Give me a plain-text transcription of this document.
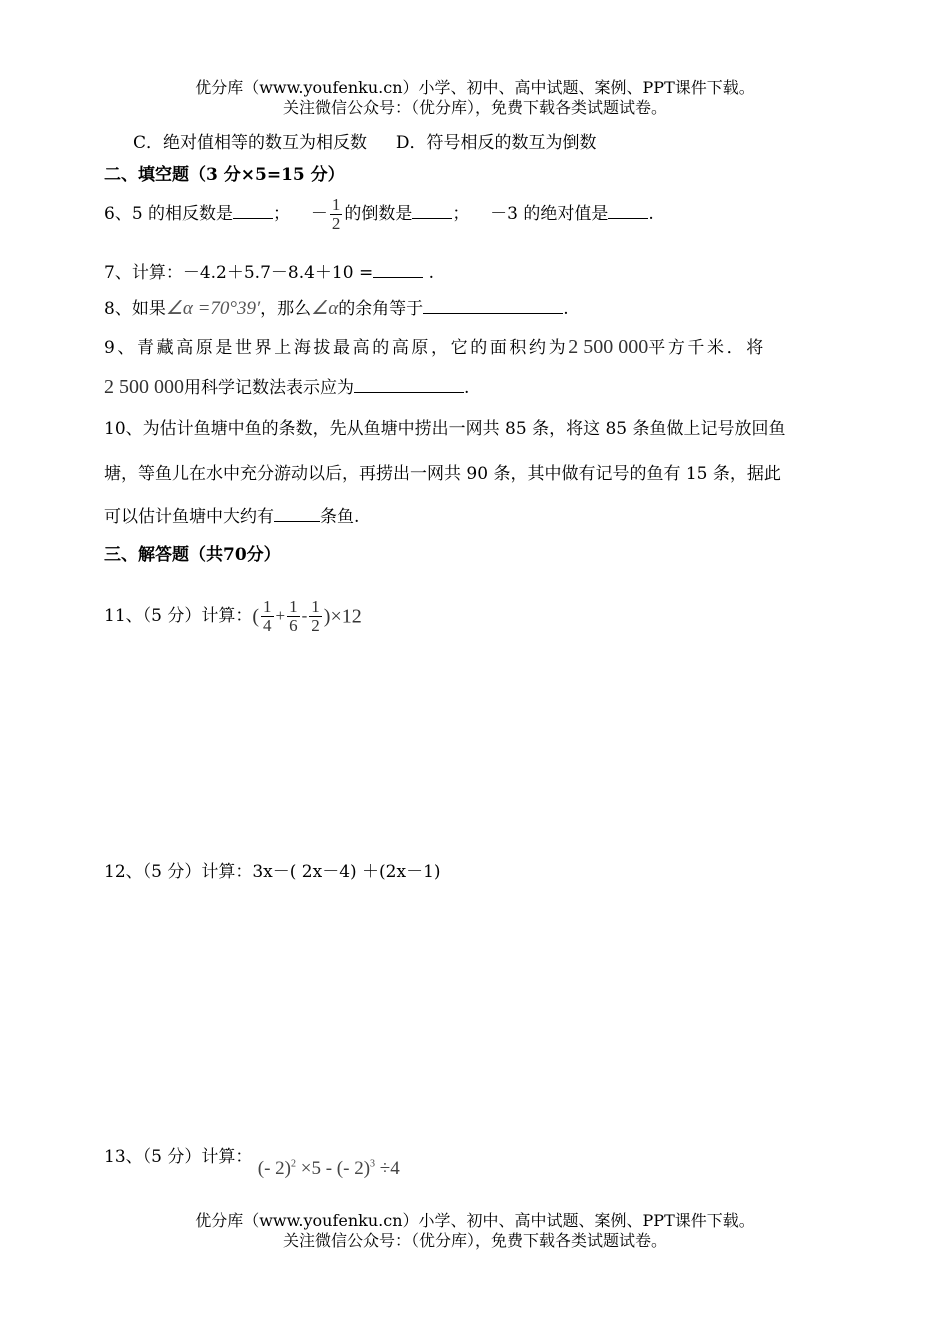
优分库（www.youfenku.cn）小学、初中、高中试题、案例、PPT课件下载。
关注微信公众号：（优分库），免费下载各类试题试卷。
C．绝对值相等的数互为相反数 D．符号相反的数互为倒数
二、填空题（3 分×5=15 分）
6、5 的相反数是 ； － $\frac{1}{2}$ 的倒数是 ； －3 的绝对值是 .
7、计算：－4.2＋5.7－8.4＋10 =	.
8、如果∠α =70°39′，那么∠α的余角等于	.
9、青藏高原是世界上海拔最高的高原，它的面积约为2 500 000平方千米．将
2 500 000用科学记数法表示应为	.
10、为估计鱼塘中鱼的条数，先从鱼塘中捞出一网共 85 条，将这 85 条鱼做上记号放回鱼
塘，等鱼儿在水中充分游动以后，再捞出一网共 90 条，其中做有记号的鱼有 15 条，据此
可以估计鱼塘中大约有	条鱼.
三、解答题（共70分）
11、（5 分）计算：( $\frac{1}{4} + \frac{1}{6} - \frac{1}{2} )\times 12$
12、（5 分）计算：3x－( 2x－4) ＋(2x－1)
13、（5 分）计算： (- 2)$^2$ ×5 - (- 2)$^3$ ÷4
优分库（www.youfenku.cn）小学、初中、高中试题、案例、PPT课件下载。
关注微信公众号：（优分库），免费下载各类试题试卷。
